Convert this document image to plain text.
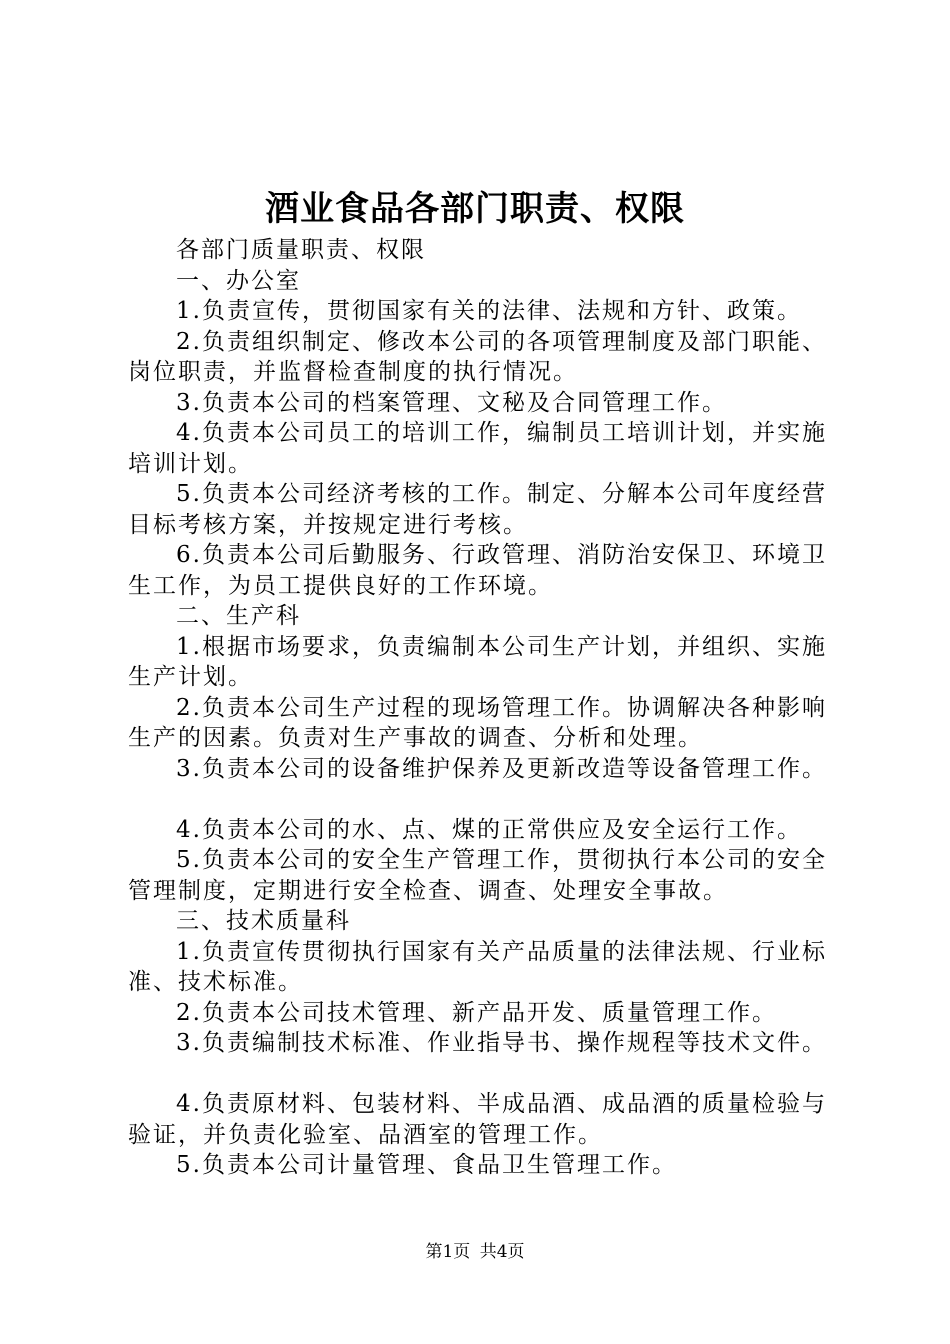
酒业食品各部门职责、权限

各部门质量职责、权限

一、办公室

1.负责宣传，贯彻国家有关的法律、法规和方针、政策。

2.负责组织制定、修改本公司的各项管理制度及部门职能、岗位职责，并监督检查制度的执行情况。

3.负责本公司的档案管理、文秘及合同管理工作。

4.负责本公司员工的培训工作，编制员工培训计划，并实施培训计划。

5.负责本公司经济考核的工作。制定、分解本公司年度经营目标考核方案，并按规定进行考核。

6.负责本公司后勤服务、行政管理、消防治安保卫、环境卫生工作，为员工提供良好的工作环境。

二、生产科

1.根据市场要求，负责编制本公司生产计划，并组织、实施生产计划。

2.负责本公司生产过程的现场管理工作。协调解决各种影响生产的因素。负责对生产事故的调查、分析和处理。

3.负责本公司的设备维护保养及更新改造等设备管理工作。

4.负责本公司的水、点、煤的正常供应及安全运行工作。

5.负责本公司的安全生产管理工作，贯彻执行本公司的安全管理制度，定期进行安全检查、调查、处理安全事故。

三、技术质量科

1.负责宣传贯彻执行国家有关产品质量的法律法规、行业标准、技术标准。

2.负责本公司技术管理、新产品开发、质量管理工作。

3.负责编制技术标准、作业指导书、操作规程等技术文件。

4.负责原材料、包装材料、半成品酒、成品酒的质量检验与验证，并负责化验室、品酒室的管理工作。

5.负责本公司计量管理、食品卫生管理工作。

第1页 共4页
